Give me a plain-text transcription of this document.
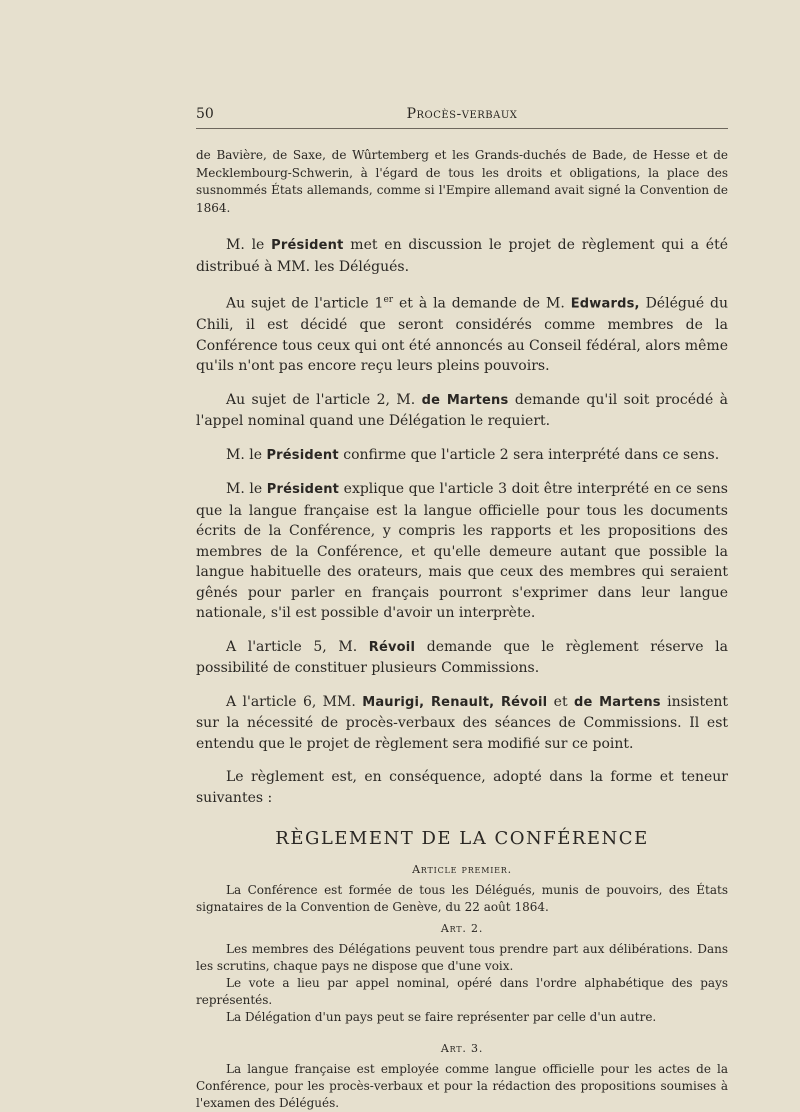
50	Procès-verbaux

de Bavière, de Saxe, de Wûrtemberg et les Grands-duchés de Bade, de Hesse et de Mecklembourg-Schwerin, à l'égard de tous les droits et obligations, la place des susnommés États allemands, comme si l'Empire allemand avait signé la Convention de 1864.

M. le Président met en discussion le projet de règlement qui a été distribué à MM. les Délégués.

Au sujet de l'article 1er et à la demande de M. Edwards, Délégué du Chili, il est décidé que seront considérés comme membres de la Conférence tous ceux qui ont été annoncés au Conseil fédéral, alors même qu'ils n'ont pas encore reçu leurs pleins pouvoirs.

Au sujet de l'article 2, M. de Martens demande qu'il soit procédé à l'appel nominal quand une Délégation le requiert.

M. le Président confirme que l'article 2 sera interprété dans ce sens.

M. le Président explique que l'article 3 doit être interprété en ce sens que la langue française est la langue officielle pour tous les documents écrits de la Conférence, y compris les rapports et les propositions des membres de la Conférence, et qu'elle demeure autant que possible la langue habituelle des orateurs, mais que ceux des membres qui seraient gênés pour parler en français pourront s'exprimer dans leur langue nationale, s'il est possible d'avoir un interprète.

A l'article 5, M. Révoil demande que le règlement réserve la possibilité de constituer plusieurs Commissions.

A l'article 6, MM. Maurigi, Renault, Révoil et de Martens insistent sur la nécessité de procès-verbaux des séances de Commissions. Il est entendu que le projet de règlement sera modifié sur ce point.

Le règlement est, en conséquence, adopté dans la forme et teneur suivantes :

RÈGLEMENT DE LA CONFÉRENCE
Article premier.

La Conférence est formée de tous les Délégués, munis de pouvoirs, des États signataires de la Convention de Genève, du 22 août 1864.

Art. 2.

Les membres des Délégations peuvent tous prendre part aux délibérations. Dans les scrutins, chaque pays ne dispose que d'une voix.

Le vote a lieu par appel nominal, opéré dans l'ordre alphabétique des pays représentés.

La Délégation d'un pays peut se faire représenter par celle d'un autre.

Art. 3.

La langue française est employée comme langue officielle pour les actes de la Conférence, pour les procès-verbaux et pour la rédaction des propositions soumises à l'examen des Délégués.
